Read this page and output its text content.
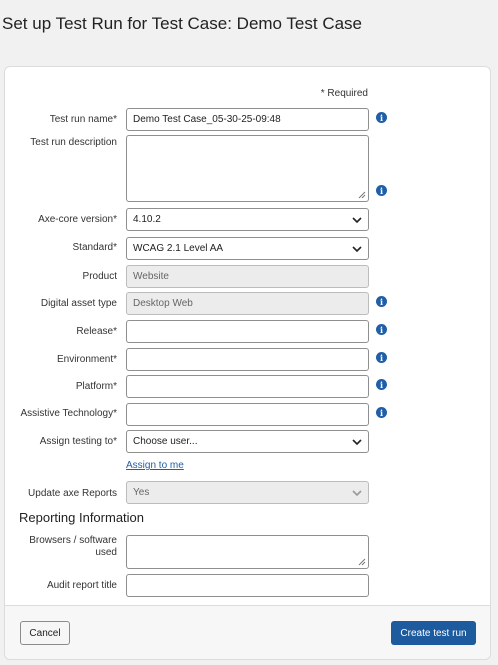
Set up Test Run for Test Case: Demo Test Case
* Required
Test run name* Demo Test Case_05-30-25-09:48	i
Test run description
i
Axe-core version* 4.10.2
Standard* WCAG 2.1 Level AA
Product Website
Digital asset type Desktop Web	i
Release*	i
Environment*	i
Platform*	i
Assistive Technology*	i
Assign testing to* Choose user...
Assign to me
Update axe Reports Yes
Reporting Information
Browsers / software
used
Audit report title
Cancel	Create test run
